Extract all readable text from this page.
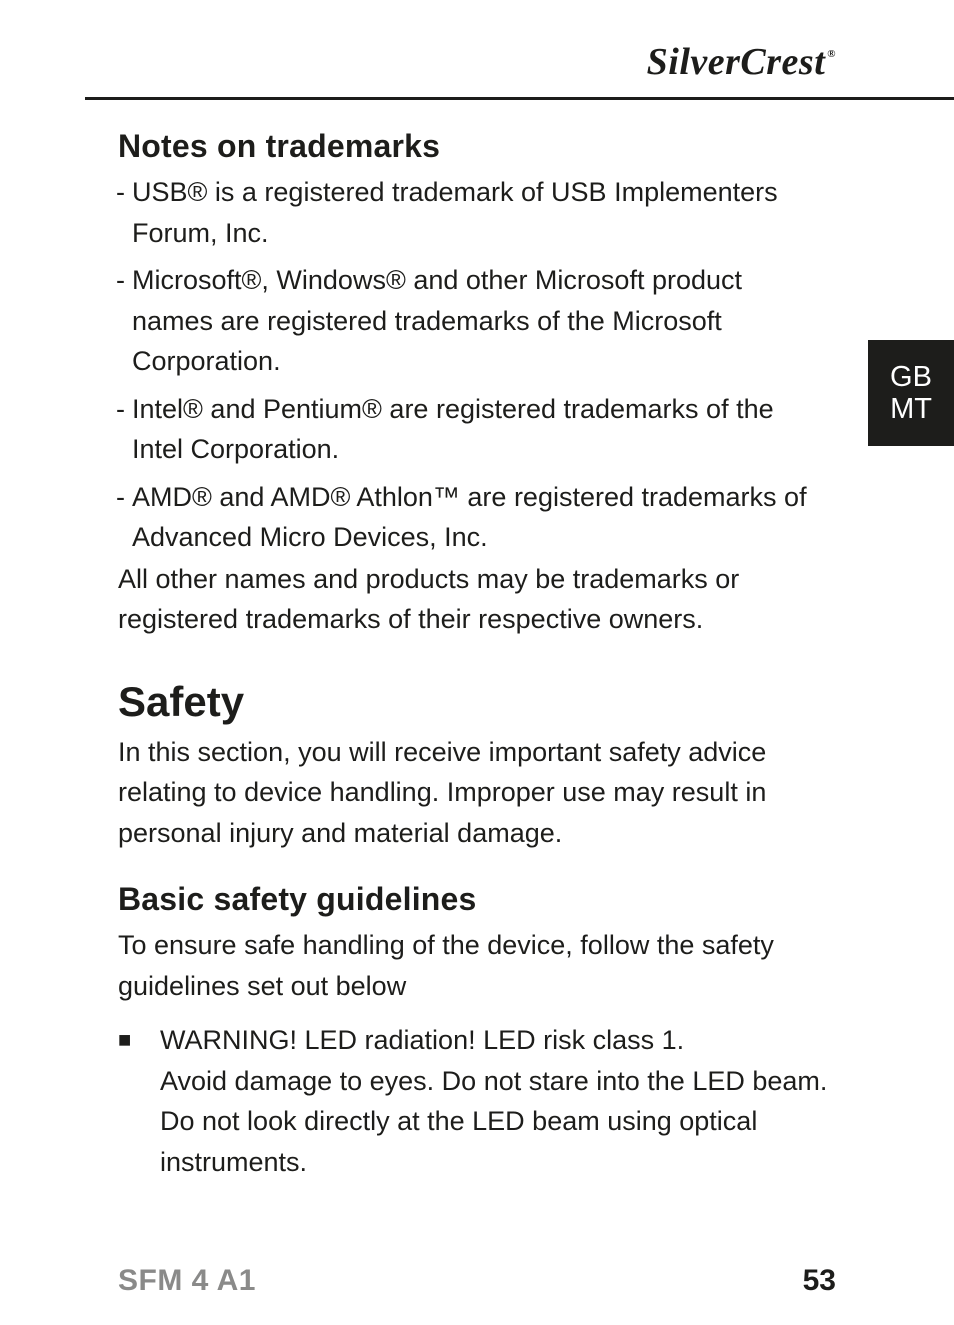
SilverCrest ®
GB
MT
Notes on trademarks
- USB® is a registered trademark of USB Implementers Forum, Inc.
- Microsoft®, Windows® and other Microsoft product names are registered trademarks of the Microsoft Corporation.
- Intel® and Pentium® are registered trademarks of the Intel Corporation.
- AMD® and AMD® Athlon™ are registered trademarks of Advanced Micro Devices, Inc.

All other names and products may be trademarks or registered trademarks of their respective owners.

Safety

In this section, you will receive important safety advice relating to device handling. Improper use may result in personal injury and material damage.

Basic safety guidelines

To ensure safe handling of the device, follow the safety guidelines set out below

■ WARNING! LED radiation! LED risk class 1.
Avoid damage to eyes. Do not stare into the LED beam. Do not look directly at the LED beam using optical instruments.
SFM 4 A1	53
